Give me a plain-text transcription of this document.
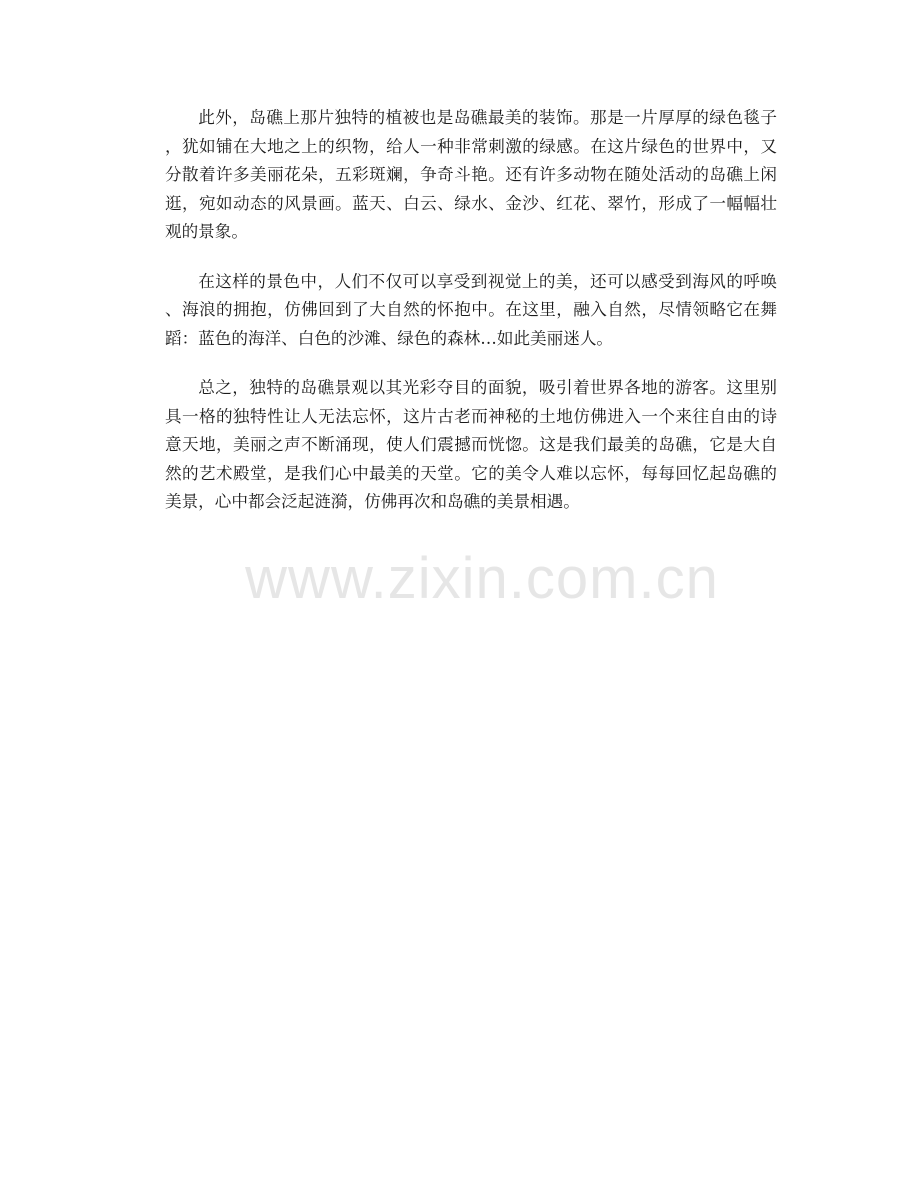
此外，岛礁上那片独特的植被也是岛礁最美的装饰。那是一片厚厚的绿色毯子，犹如铺在大地之上的织物，给人一种非常刺激的绿感。在这片绿色的世界中，又分散着许多美丽花朵，五彩斑斓，争奇斗艳。还有许多动物在随处活动的岛礁上闲逛，宛如动态的风景画。蓝天、白云、绿水、金沙、红花、翠竹，形成了一幅幅壮观的景象。

在这样的景色中，人们不仅可以享受到视觉上的美，还可以感受到海风的呼唤、海浪的拥抱，仿佛回到了大自然的怀抱中。在这里，融入自然，尽情领略它在舞蹈：蓝色的海洋、白色的沙滩、绿色的森林…如此美丽迷人。

总之，独特的岛礁景观以其光彩夺目的面貌，吸引着世界各地的游客。这里别具一格的独特性让人无法忘怀，这片古老而神秘的土地仿佛进入一个来往自由的诗意天地，美丽之声不断涌现，使人们震撼而恍惚。这是我们最美的岛礁，它是大自然的艺术殿堂，是我们心中最美的天堂。它的美令人难以忘怀，每每回忆起岛礁的美景，心中都会泛起涟漪，仿佛再次和岛礁的美景相遇。

www.zixin.com.cn
